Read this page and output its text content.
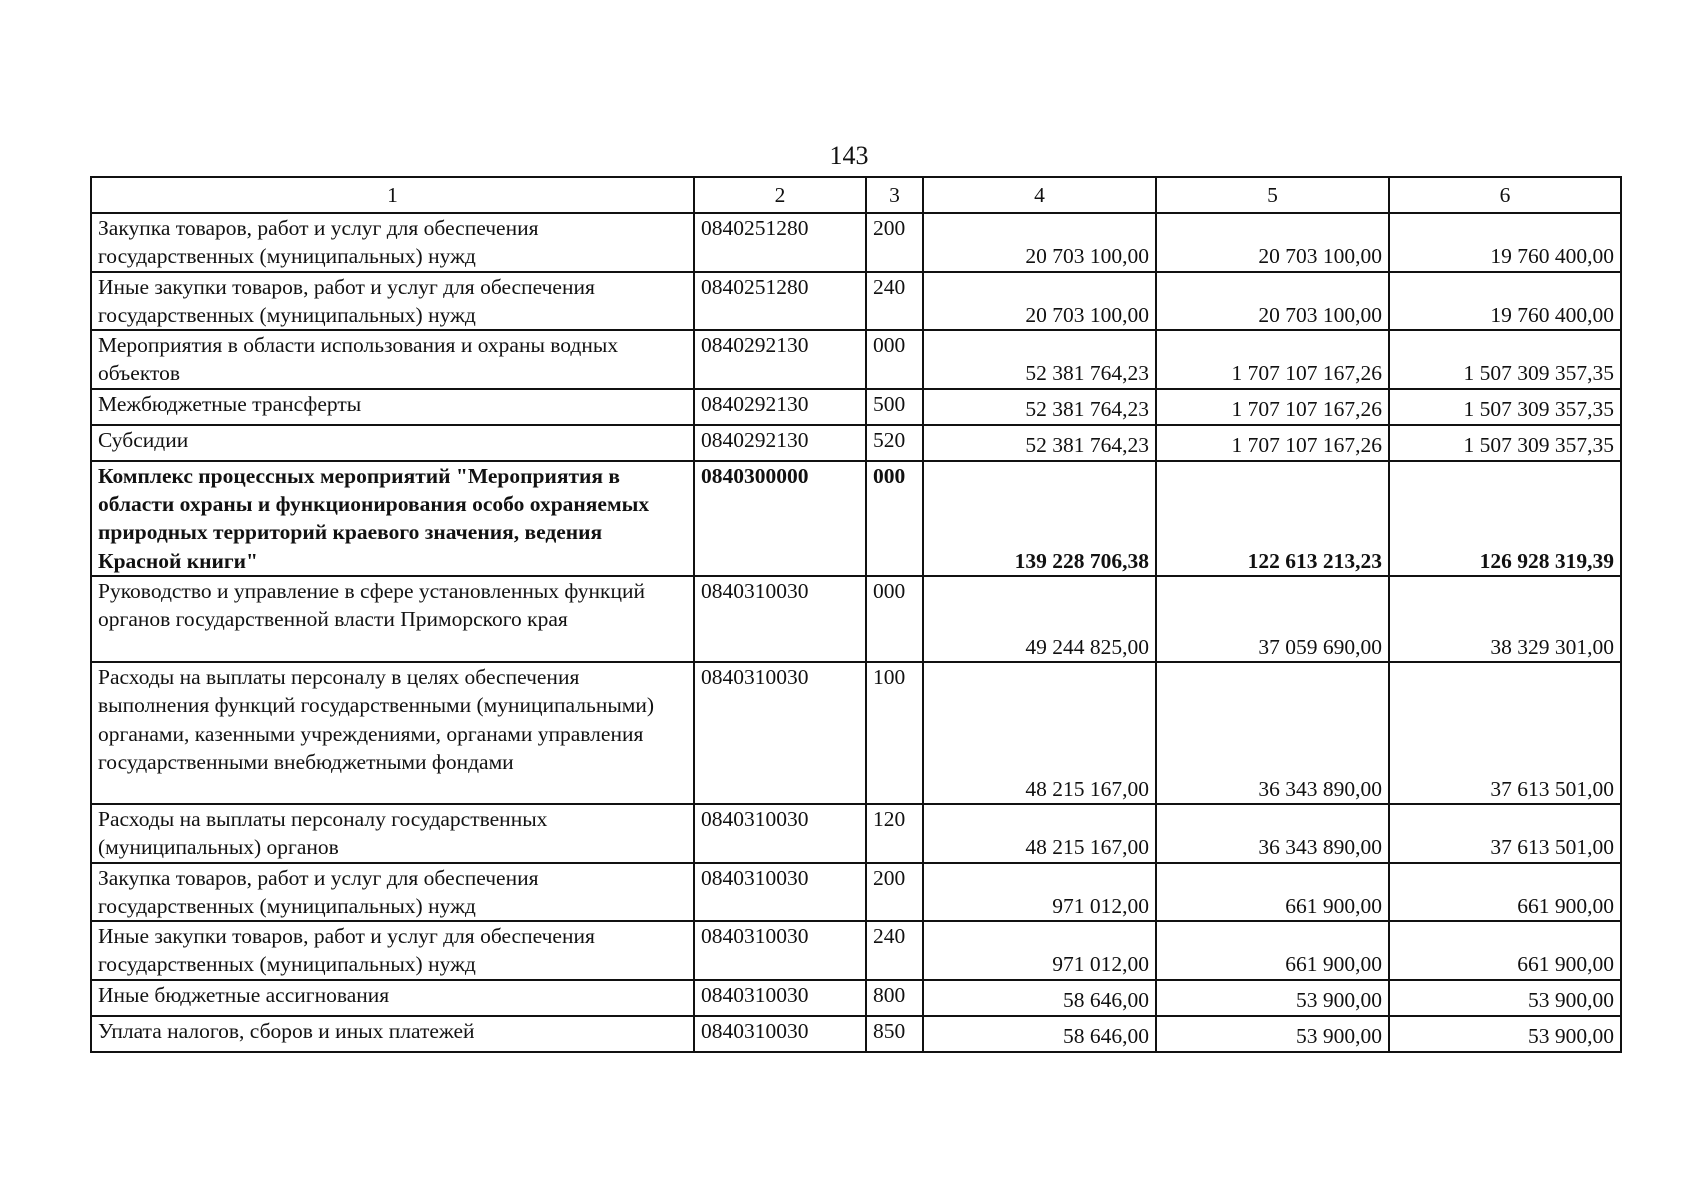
143
1	2	3	4	5	6
Закупка товаров, работ и услуг для обеспечения государственных (муниципальных) нужд	0840251280	200	20 703 100,00	20 703 100,00	19 760 400,00
Иные закупки товаров, работ и услуг для обеспечения государственных (муниципальных) нужд	0840251280	240	20 703 100,00	20 703 100,00	19 760 400,00
Мероприятия в области использования и охраны водных объектов	0840292130	000	52 381 764,23	1 707 107 167,26	1 507 309 357,35
Межбюджетные трансферты	0840292130	500	52 381 764,23	1 707 107 167,26	1 507 309 357,35
Субсидии	0840292130	520	52 381 764,23	1 707 107 167,26	1 507 309 357,35
Комплекс процессных мероприятий "Мероприятия в области охраны и функционирования особо охраняемых природных территорий краевого значения, ведения Красной книги"	0840300000	000	139 228 706,38	122 613 213,23	126 928 319,39
Руководство и управление в сфере установленных функций органов государственной власти Приморского края	0840310030	000	49 244 825,00	37 059 690,00	38 329 301,00
Расходы на выплаты персоналу в целях обеспечения выполнения функций государственными (муниципальными) органами, казенными учреждениями, органами управления государственными внебюджетными фондами	0840310030	100	48 215 167,00	36 343 890,00	37 613 501,00
Расходы на выплаты персоналу государственных (муниципальных) органов	0840310030	120	48 215 167,00	36 343 890,00	37 613 501,00
Закупка товаров, работ и услуг для обеспечения государственных (муниципальных) нужд	0840310030	200	971 012,00	661 900,00	661 900,00
Иные закупки товаров, работ и услуг для обеспечения государственных (муниципальных) нужд	0840310030	240	971 012,00	661 900,00	661 900,00
Иные бюджетные ассигнования	0840310030	800	58 646,00	53 900,00	53 900,00
Уплата налогов, сборов и иных платежей	0840310030	850	58 646,00	53 900,00	53 900,00
